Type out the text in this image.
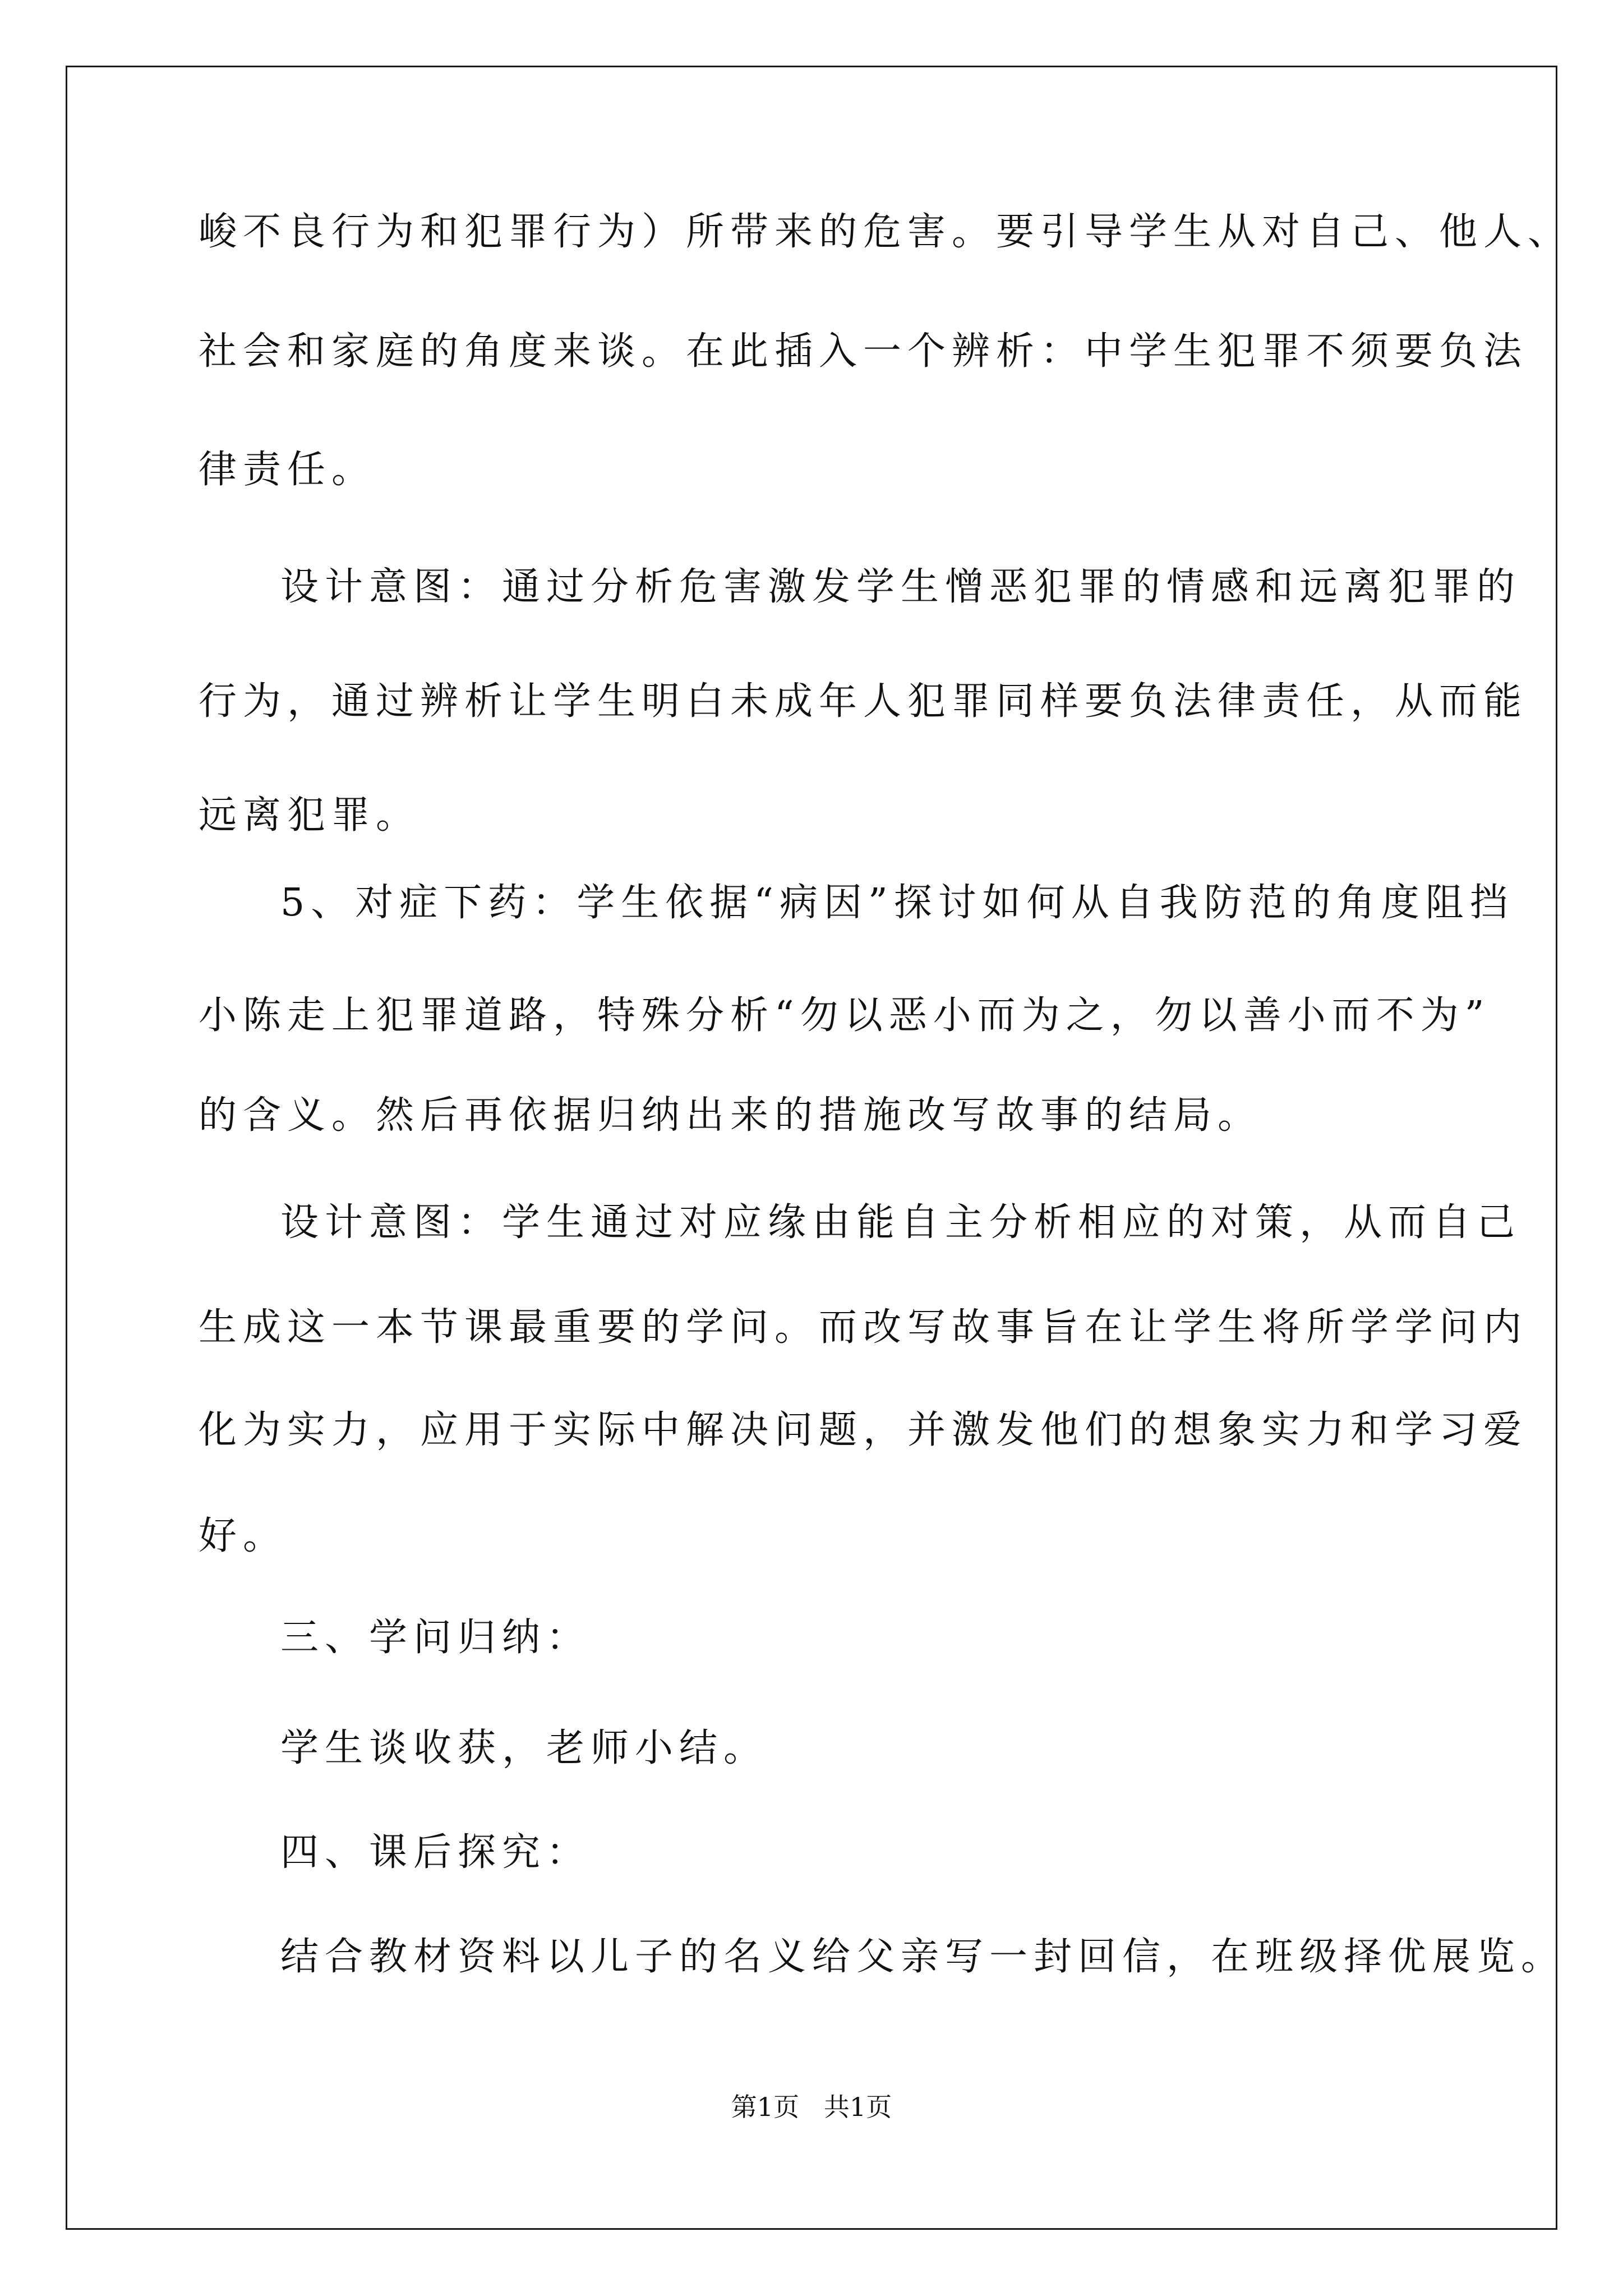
峻不良行为和犯罪行为）所带来的危害。要引导学生从对自己、他人、
社会和家庭的角度来谈。在此插入一个辨析：中学生犯罪不须要负法
律责任。
设计意图：通过分析危害激发学生憎恶犯罪的情感和远离犯罪的
行为，通过辨析让学生明白未成年人犯罪同样要负法律责任，从而能
远离犯罪。
5、对症下药：学生依据“病因”探讨如何从自我防范的角度阻挡
小陈走上犯罪道路，特殊分析“勿以恶小而为之，勿以善小而不为”
的含义。然后再依据归纳出来的措施改写故事的结局。
设计意图：学生通过对应缘由能自主分析相应的对策，从而自己
生成这一本节课最重要的学问。而改写故事旨在让学生将所学学问内
化为实力，应用于实际中解决问题，并激发他们的想象实力和学习爱
好。
三、学问归纳：
学生谈收获，老师小结。
四、课后探究：
结合教材资料以儿子的名义给父亲写一封回信，在班级择优展览。
第1页   共1页
